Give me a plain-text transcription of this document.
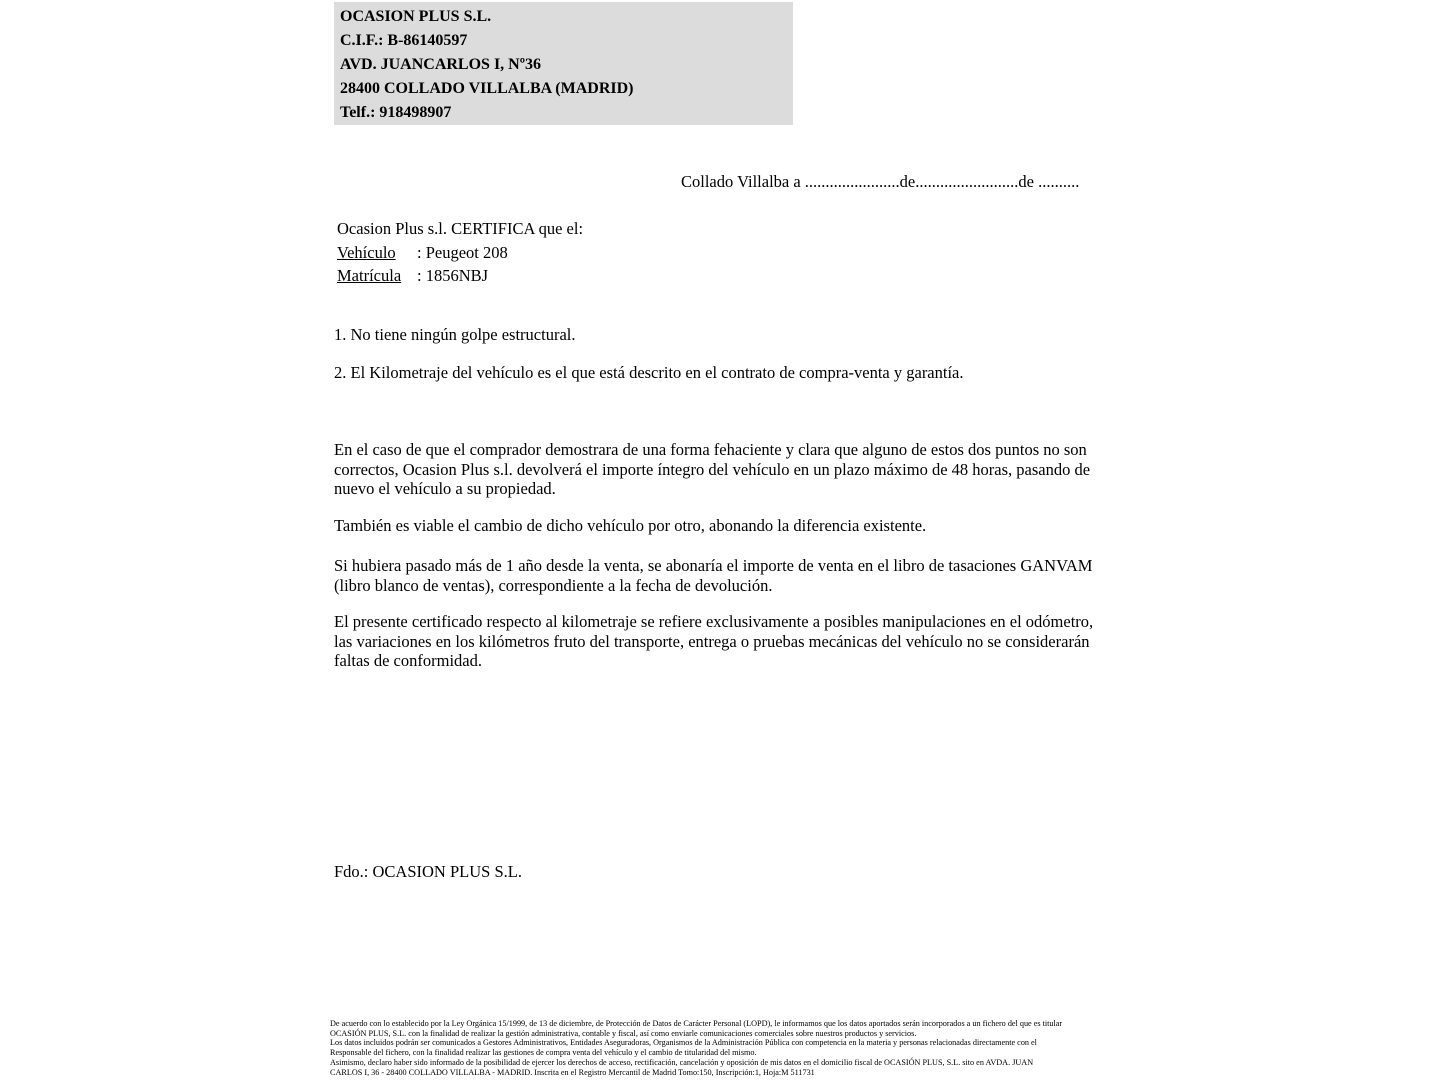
OCASION PLUS S.L.
C.I.F.: B-86140597
AVD. JUANCARLOS I, Nº36
28400 COLLADO VILLALBA (MADRID)
Telf.: 918498907
Collado Villalba a .......................de.........................de ..........
Ocasion Plus s.l. CERTIFICA que el:
Vehículo : Peugeot 208
Matrícula : 1856NBJ
1. No tiene ningún golpe estructural.
2. El Kilometraje del vehículo es el que está descrito en el contrato de compra-venta y garantía.
En el caso de que el comprador demostrara de una forma fehaciente y clara que alguno de estos dos puntos no son correctos, Ocasion Plus s.l. devolverá el importe íntegro del vehículo en un plazo máximo de 48 horas, pasando de nuevo el vehículo a su propiedad.
También es viable el cambio de dicho vehículo por otro, abonando la diferencia existente.
Si hubiera pasado más de 1 año desde la venta, se abonaría el importe de venta en el libro de tasaciones GANVAM (libro blanco de ventas), correspondiente a la fecha de devolución.
El presente certificado respecto al kilometraje se refiere exclusivamente a posibles manipulaciones en el odómetro, las variaciones en los kilómetros fruto del transporte, entrega o pruebas mecánicas del vehículo no se considerarán faltas de conformidad.
Fdo.: OCASION PLUS S.L.
De acuerdo con lo establecido por la Ley Orgánica 15/1999, de 13 de diciembre, de Protección de Datos de Carácter Personal (LOPD), le informamos que los datos aportados serán incorporados a un fichero del que es titular
OCASIÓN PLUS, S.L. con la finalidad de realizar la gestión administrativa, contable y fiscal, así como enviarle comunicaciones comerciales sobre nuestros productos y servicios.
Los datos incluidos podrán ser comunicados a Gestores Administrativos, Entidades Aseguradoras, Organismos de la Administración Pública con competencia en la materia y personas relacionadas directamente con el
Responsable del fichero, con la finalidad realizar las gestiones de compra venta del vehículo y el cambio de titularidad del mismo.
Asimismo, declaro haber sido informado de la posibilidad de ejercer los derechos de acceso, rectificación, cancelación y oposición de mis datos en el domicilio fiscal de OCASIÓN PLUS, S.L. sito en AVDA. JUAN
CARLOS I, 36 - 28400 COLLADO VILLALBA - MADRID. Inscrita en el Registro Mercantil de Madrid Tomo:150, Inscripción:1, Hoja:M 511731
